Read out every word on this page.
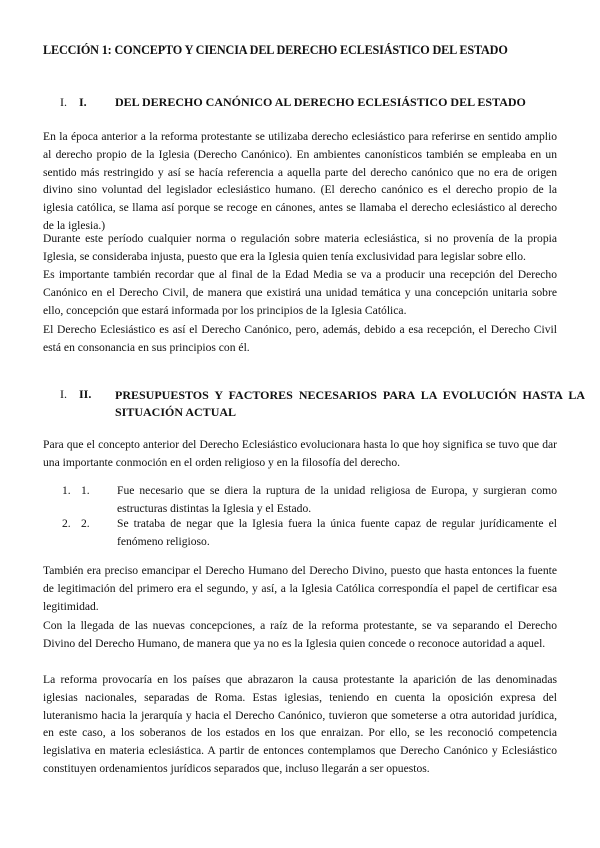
LECCIÓN 1: CONCEPTO Y CIENCIA DEL DERECHO ECLESIÁSTICO DEL ESTADO
I. I. DEL DERECHO CANÓNICO AL DERECHO ECLESIÁSTICO DEL ESTADO

En la época anterior a la reforma protestante se utilizaba derecho eclesiástico para referirse en sentido amplio al derecho propio de la Iglesia (Derecho Canónico). En ambientes canonísticos también se empleaba en un sentido más restringido y así se hacía referencia a aquella parte del derecho canónico que no era de origen divino sino voluntad del legislador eclesiástico humano. (El derecho canónico es el derecho propio de la iglesia católica, se llama así porque se recoge en cánones, antes se llamaba el derecho eclesiástico al derecho de la iglesia.)

Durante este período cualquier norma o regulación sobre materia eclesiástica, si no provenía de la propia Iglesia, se consideraba injusta, puesto que era la Iglesia quien tenía exclusividad para legislar sobre ello.

Es importante también recordar que al final de la Edad Media se va a producir una recepción del Derecho Canónico en el Derecho Civil, de manera que existirá una unidad temática y una concepción unitaria sobre ello, concepción que estará informada por los principios de la Iglesia Católica.

El Derecho Eclesiástico es así el Derecho Canónico, pero, además, debido a esa recepción, el Derecho Civil está en consonancia en sus principios con él.

I. II. PRESUPUESTOS Y FACTORES NECESARIOS PARA LA EVOLUCIÓN HASTA LA SITUACIÓN ACTUAL

Para que el concepto anterior del Derecho Eclesiástico evolucionara hasta lo que hoy significa se tuvo que dar una importante conmoción en el orden religioso y en la filosofía del derecho.

1. 1. Fue necesario que se diera la ruptura de la unidad religiosa de Europa, y surgieran como estructuras distintas la Iglesia y el Estado.
2. 2. Se trataba de negar que la Iglesia fuera la única fuente capaz de regular jurídicamente el fenómeno religioso.

También era preciso emancipar el Derecho Humano del Derecho Divino, puesto que hasta entonces la fuente de legitimación del primero era el segundo, y así, a la Iglesia Católica correspondía el papel de certificar esa legitimidad.

Con la llegada de las nuevas concepciones, a raíz de la reforma protestante, se va separando el Derecho Divino del Derecho Humano, de manera que ya no es la Iglesia quien concede o reconoce autoridad a aquel.

La reforma provocaría en los países que abrazaron la causa protestante la aparición de las denominadas iglesias nacionales, separadas de Roma. Estas iglesias, teniendo en cuenta la oposición expresa del luteranismo hacia la jerarquía y hacia el Derecho Canónico, tuvieron que someterse a otra autoridad jurídica, en este caso, a los soberanos de los estados en los que enraizan. Por ello, se les reconoció competencia legislativa en materia eclesiástica. A partir de entonces contemplamos que Derecho Canónico y Eclesiástico constituyen ordenamientos jurídicos separados que, incluso llegarán a ser opuestos.
